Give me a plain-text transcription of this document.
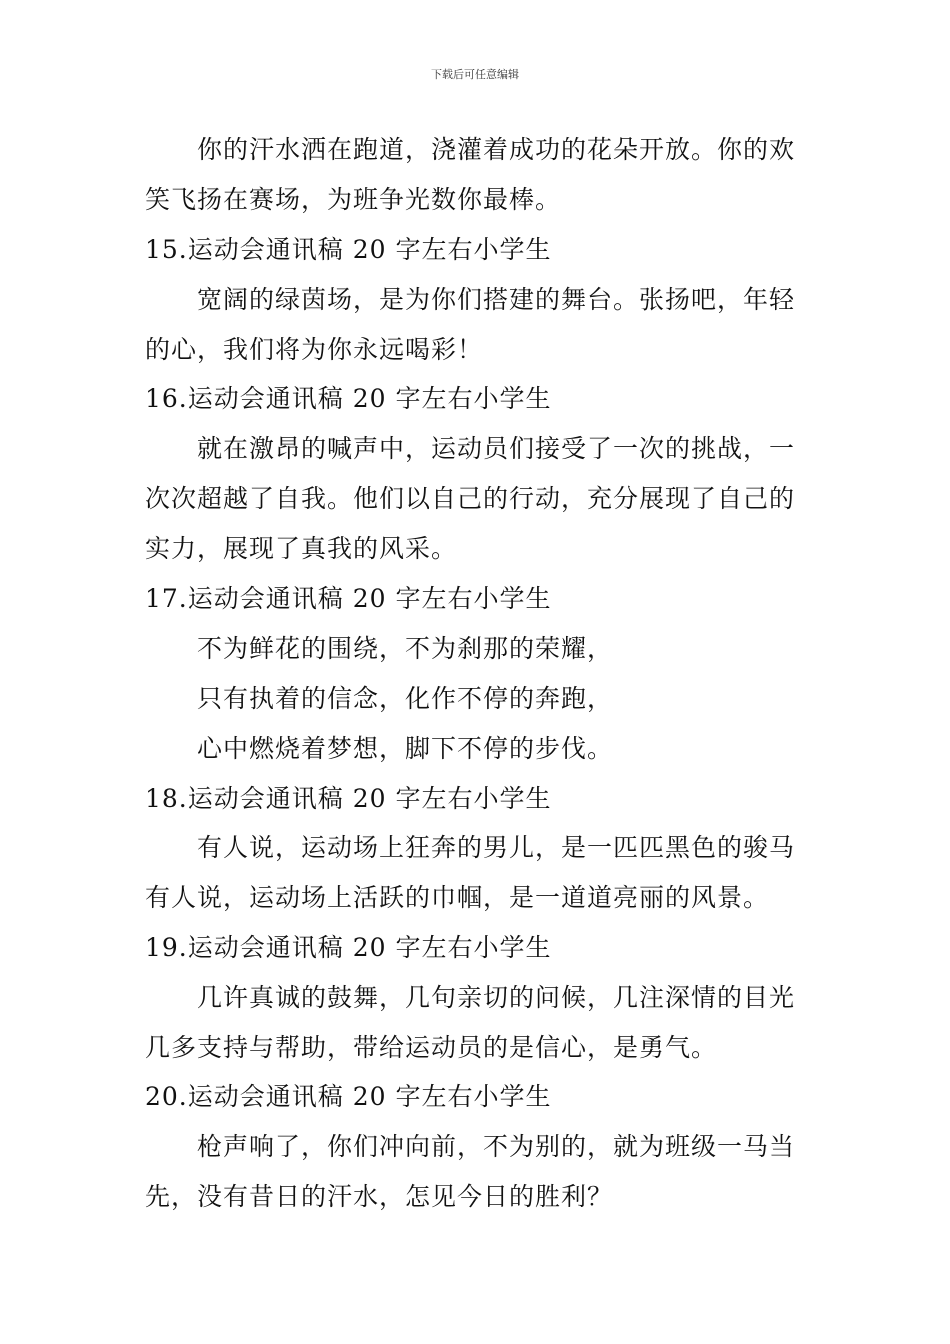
下载后可任意编辑
你的汗水洒在跑道，浇灌着成功的花朵开放。你的欢
笑飞扬在赛场，为班争光数你最棒。
15.运动会通讯稿 20 字左右小学生
宽阔的绿茵场，是为你们搭建的舞台。张扬吧，年轻
的心，我们将为你永远喝彩！
16.运动会通讯稿 20 字左右小学生
就在激昂的喊声中，运动员们接受了一次的挑战，一
次次超越了自我。他们以自己的行动，充分展现了自己的
实力，展现了真我的风采。
17.运动会通讯稿 20 字左右小学生
不为鲜花的围绕，不为刹那的荣耀，
只有执着的信念，化作不停的奔跑，
心中燃烧着梦想，脚下不停的步伐。
18.运动会通讯稿 20 字左右小学生
有人说，运动场上狂奔的男儿，是一匹匹黑色的骏马
有人说，运动场上活跃的巾帼，是一道道亮丽的风景。
19.运动会通讯稿 20 字左右小学生
几许真诚的鼓舞，几句亲切的问候，几注深情的目光
几多支持与帮助，带给运动员的是信心，是勇气。
20.运动会通讯稿 20 字左右小学生
枪声响了，你们冲向前，不为别的，就为班级一马当
先，没有昔日的汗水，怎见今日的胜利？
